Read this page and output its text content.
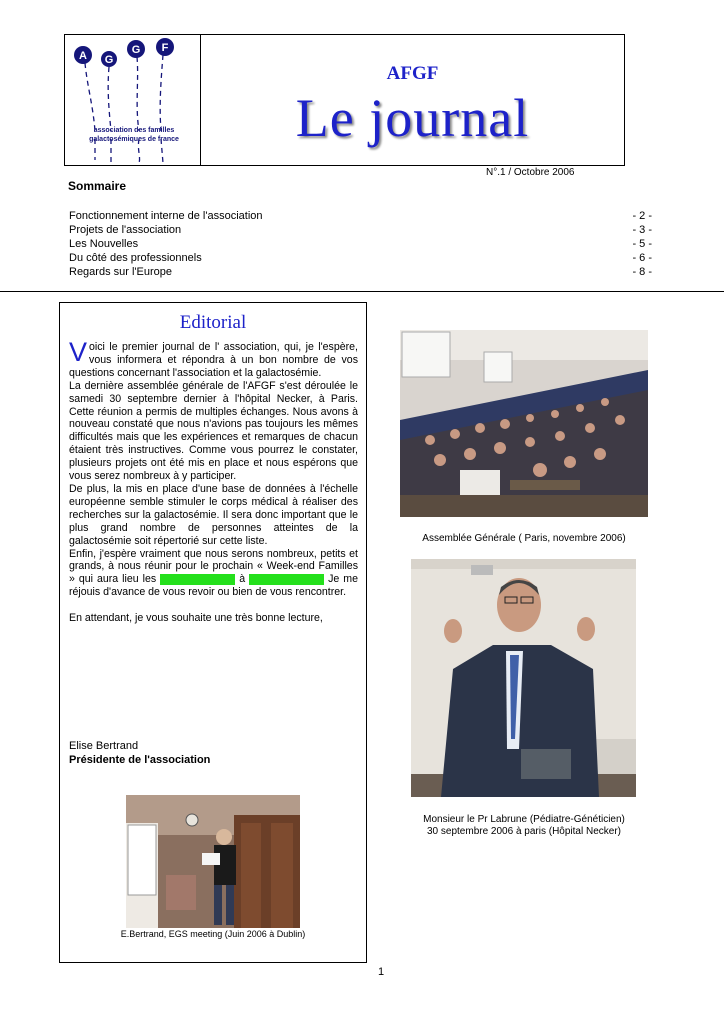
A G
G F
association des familles
galactosémiques de france
AFGF
Le journal
N°.1 / Octobre 2006
Sommaire
Fonctionnement interne de l'association	- 2 -
Projets de l'association	- 3 -
Les Nouvelles	- 5 -
Du côté des professionnels	- 6 -
Regards sur l'Europe	- 8 -
Editorial

Voici le premier journal de l' association, qui, je l'espère, vous informera et répondra à un bon nombre de vos questions concernant l'association et la galactosémie.

La dernière assemblée générale de l'AFGF s'est déroulée le samedi 30 septembre dernier à l'hôpital Necker, à Paris. Cette réunion a permis de multiples échanges. Nous avons à nouveau constaté que nous n'avions pas toujours les mêmes difficultés mais que les expériences et remarques de chacun étaient très instructives. Comme vous pourrez le constater, plusieurs projets ont été mis en place et nous espérons que vous serez nombreux à y participer.

De plus, la mis en place d'une base de données à l'échelle européenne semble stimuler le corps médical à réaliser des recherches sur la galactosémie. Il sera donc important que le plus grand nombre de personnes atteintes de la galactosémie soit répertorié sur cette liste.

Enfin, j'espère vraiment que nous serons nombreux, petits et grands, à nous réunir pour le prochain « Week-end Familles » qui aura lieu les	à	Je me réjouis d'avance de vous revoir ou bien de vous rencontrer.

En attendant, je vous souhaite une très bonne lecture,

Elise Bertrand
Présidente de l'association
E.Bertrand, EGS meeting (Juin 2006 à Dublin)
Assemblée Générale ( Paris, novembre 2006)
Monsieur le Pr Labrune (Pédiatre-Généticien)
30 septembre 2006 à paris (Hôpital Necker)
1
